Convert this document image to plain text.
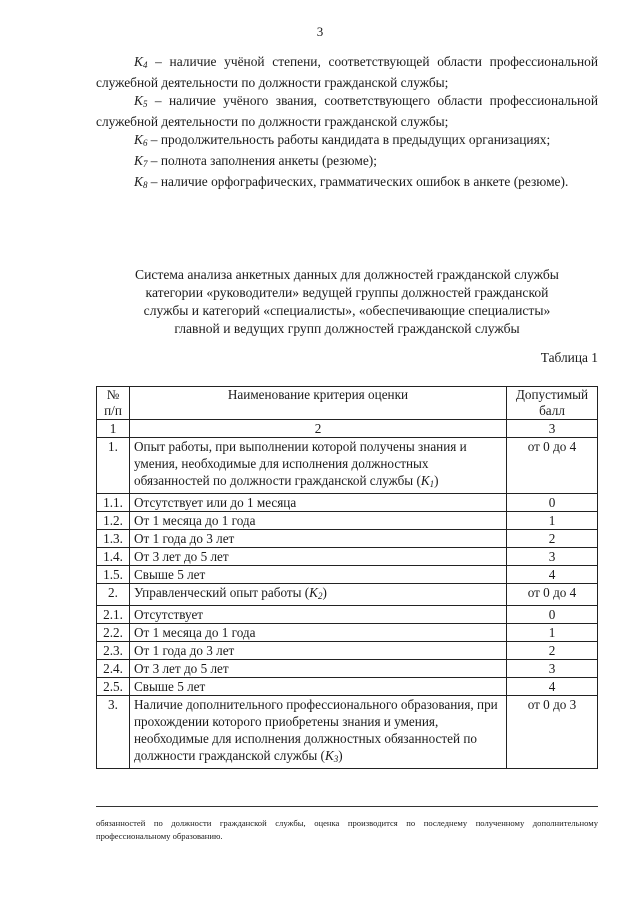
3

$K_4$ – наличие учёной степени, соответствующей области профессиональной служебной деятельности по должности гражданской службы;

$K_5$ – наличие учёного звания, соответствующего области профессиональной служебной деятельности по должности гражданской службы;

$K_6$ – продолжительность работы кандидата в предыдущих организациях;

$K_7$ – полнота заполнения анкеты (резюме);

$K_8$ – наличие орфографических, грамматических ошибок в анкете (резюме).

Система анализа анкетных данных для должностей гражданской службы
категории «руководители» ведущей группы должностей гражданской
службы и категорий «специалисты», «обеспечивающие специалисты»
главной и ведущих групп должностей гражданской службы
Таблица 1
№ п/п	Наименование критерия оценки	Допустимый балл
1	2	3
1.	Опыт работы, при выполнении которой получены знания и умения, необходимые для исполнения должностных обязанностей по должности гражданской службы $(K_1)$	от 0 до 4
1.1.	Отсутствует или до 1 месяца	0
1.2.	От 1 месяца до 1 года	1
1.3.	От 1 года до 3 лет	2
1.4.	От 3 лет до 5 лет	3
1.5.	Свыше 5 лет	4
2.	Управленческий опыт работы $(K_2)$	от 0 до 4
2.1.	Отсутствует	0
2.2.	От 1 месяца до 1 года	1
2.3.	От 1 года до 3 лет	2
2.4.	От 3 лет до 5 лет	3
2.5.	Свыше 5 лет	4
3.	Наличие дополнительного профессионального образования, при прохождении которого приобретены знания и умения, необходимые для исполнения должностных обязанностей по должности гражданской службы $(K_3)$	от 0 до 3
обязанностей по должности гражданской службы, оценка производится по последнему полученному дополнительному профессиональному образованию.
